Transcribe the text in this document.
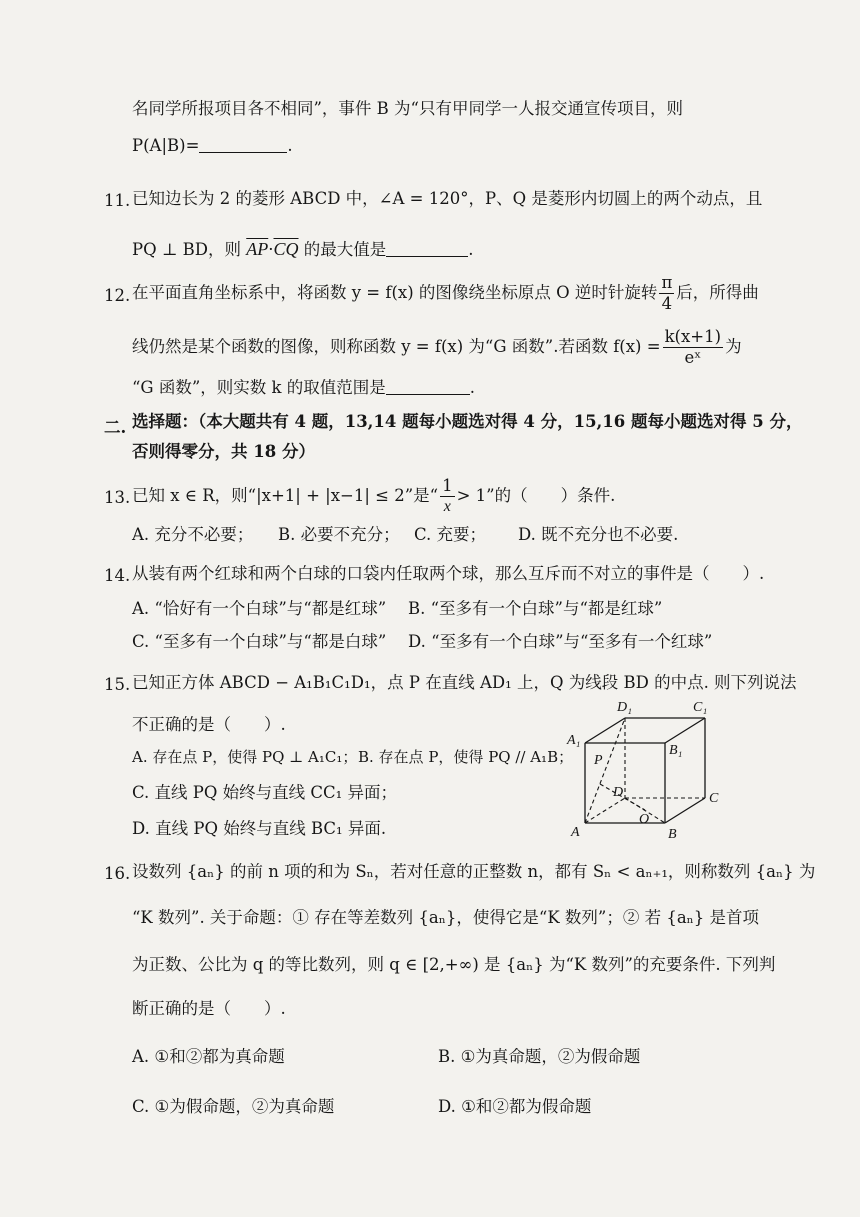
名同学所报项目各不相同”，事件 B 为“只有甲同学一人报交通宣传项目，则
P(A|B)=	.
11. 已知边长为 2 的菱形 ABCD 中，∠A = 120°，P、Q 是菱形内切圆上的两个动点，且
PQ ⊥ BD，则 $\overline{AP}\cdot\overline{CQ}$ 的最大值是	.
12. 在平面直角坐标系中，将函数 y = f(x) 的图像绕坐标原点 O 逆时针旋转 $\frac{\pi}{4}$ 后，所得曲
线仍然是某个函数的图像，则称函数 y = f(x) 为“G 函数”.若函数 $f(x) = \frac{k(x+1)}{\text{eˣ}}$ 为
“G 函数”，则实数 k 的取值范围是	.
二. 选择题：（本大题共有 4 题，13,14 题每小题选对得 4 分，15,16 题每小题选对得 5 分，
否则得零分，共 18 分）
13. 已知 x ∈ R，则“|x+1| + |x−1| ≤ 2”是“ $\frac{1}{x} > 1$”的（　　）条件.
A. 充分不必要； B. 必要不充分； C. 充要； D. 既不充分也不必要.
14. 从装有两个红球和两个白球的口袋内任取两个球，那么互斥而不对立的事件是（　　）.
A. “恰好有一个白球”与“都是红球” B. “至多有一个白球”与“都是红球”
C. “至多有一个白球”与“都是白球” D. “至多有一个白球”与“至多有一个红球”
15. 已知正方体 ABCD − A₁B₁C₁D₁，点 P 在直线 AD₁ 上，Q 为线段 BD 的中点. 则下列说法
不正确的是（　　）.
A. 存在点 P，使得 PQ ⊥ A₁C₁； B. 存在点 P，使得 PQ // A₁B；
C. 直线 PQ 始终与直线 CC₁ 异面；
D. 直线 PQ 始终与直线 BC₁ 异面.
D₁	C₁
A₁
B₁
P
D	C
A
O
B
16. 设数列 {aₙ} 的前 n 项的和为 Sₙ，若对任意的正整数 n，都有 Sₙ < aₙ₊₁，则称数列 {aₙ} 为
“K 数列”. 关于命题：① 存在等差数列 {aₙ}，使得它是“K 数列”；② 若 {aₙ} 是首项
为正数、公比为 q 的等比数列，则 q ∈ [2,+∞) 是 {aₙ} 为“K 数列”的充要条件. 下列判
断正确的是（　　）.
A. ①和②都为真命题	B. ①为真命题，②为假命题
C. ①为假命题，②为真命题	D. ①和②都为假命题
